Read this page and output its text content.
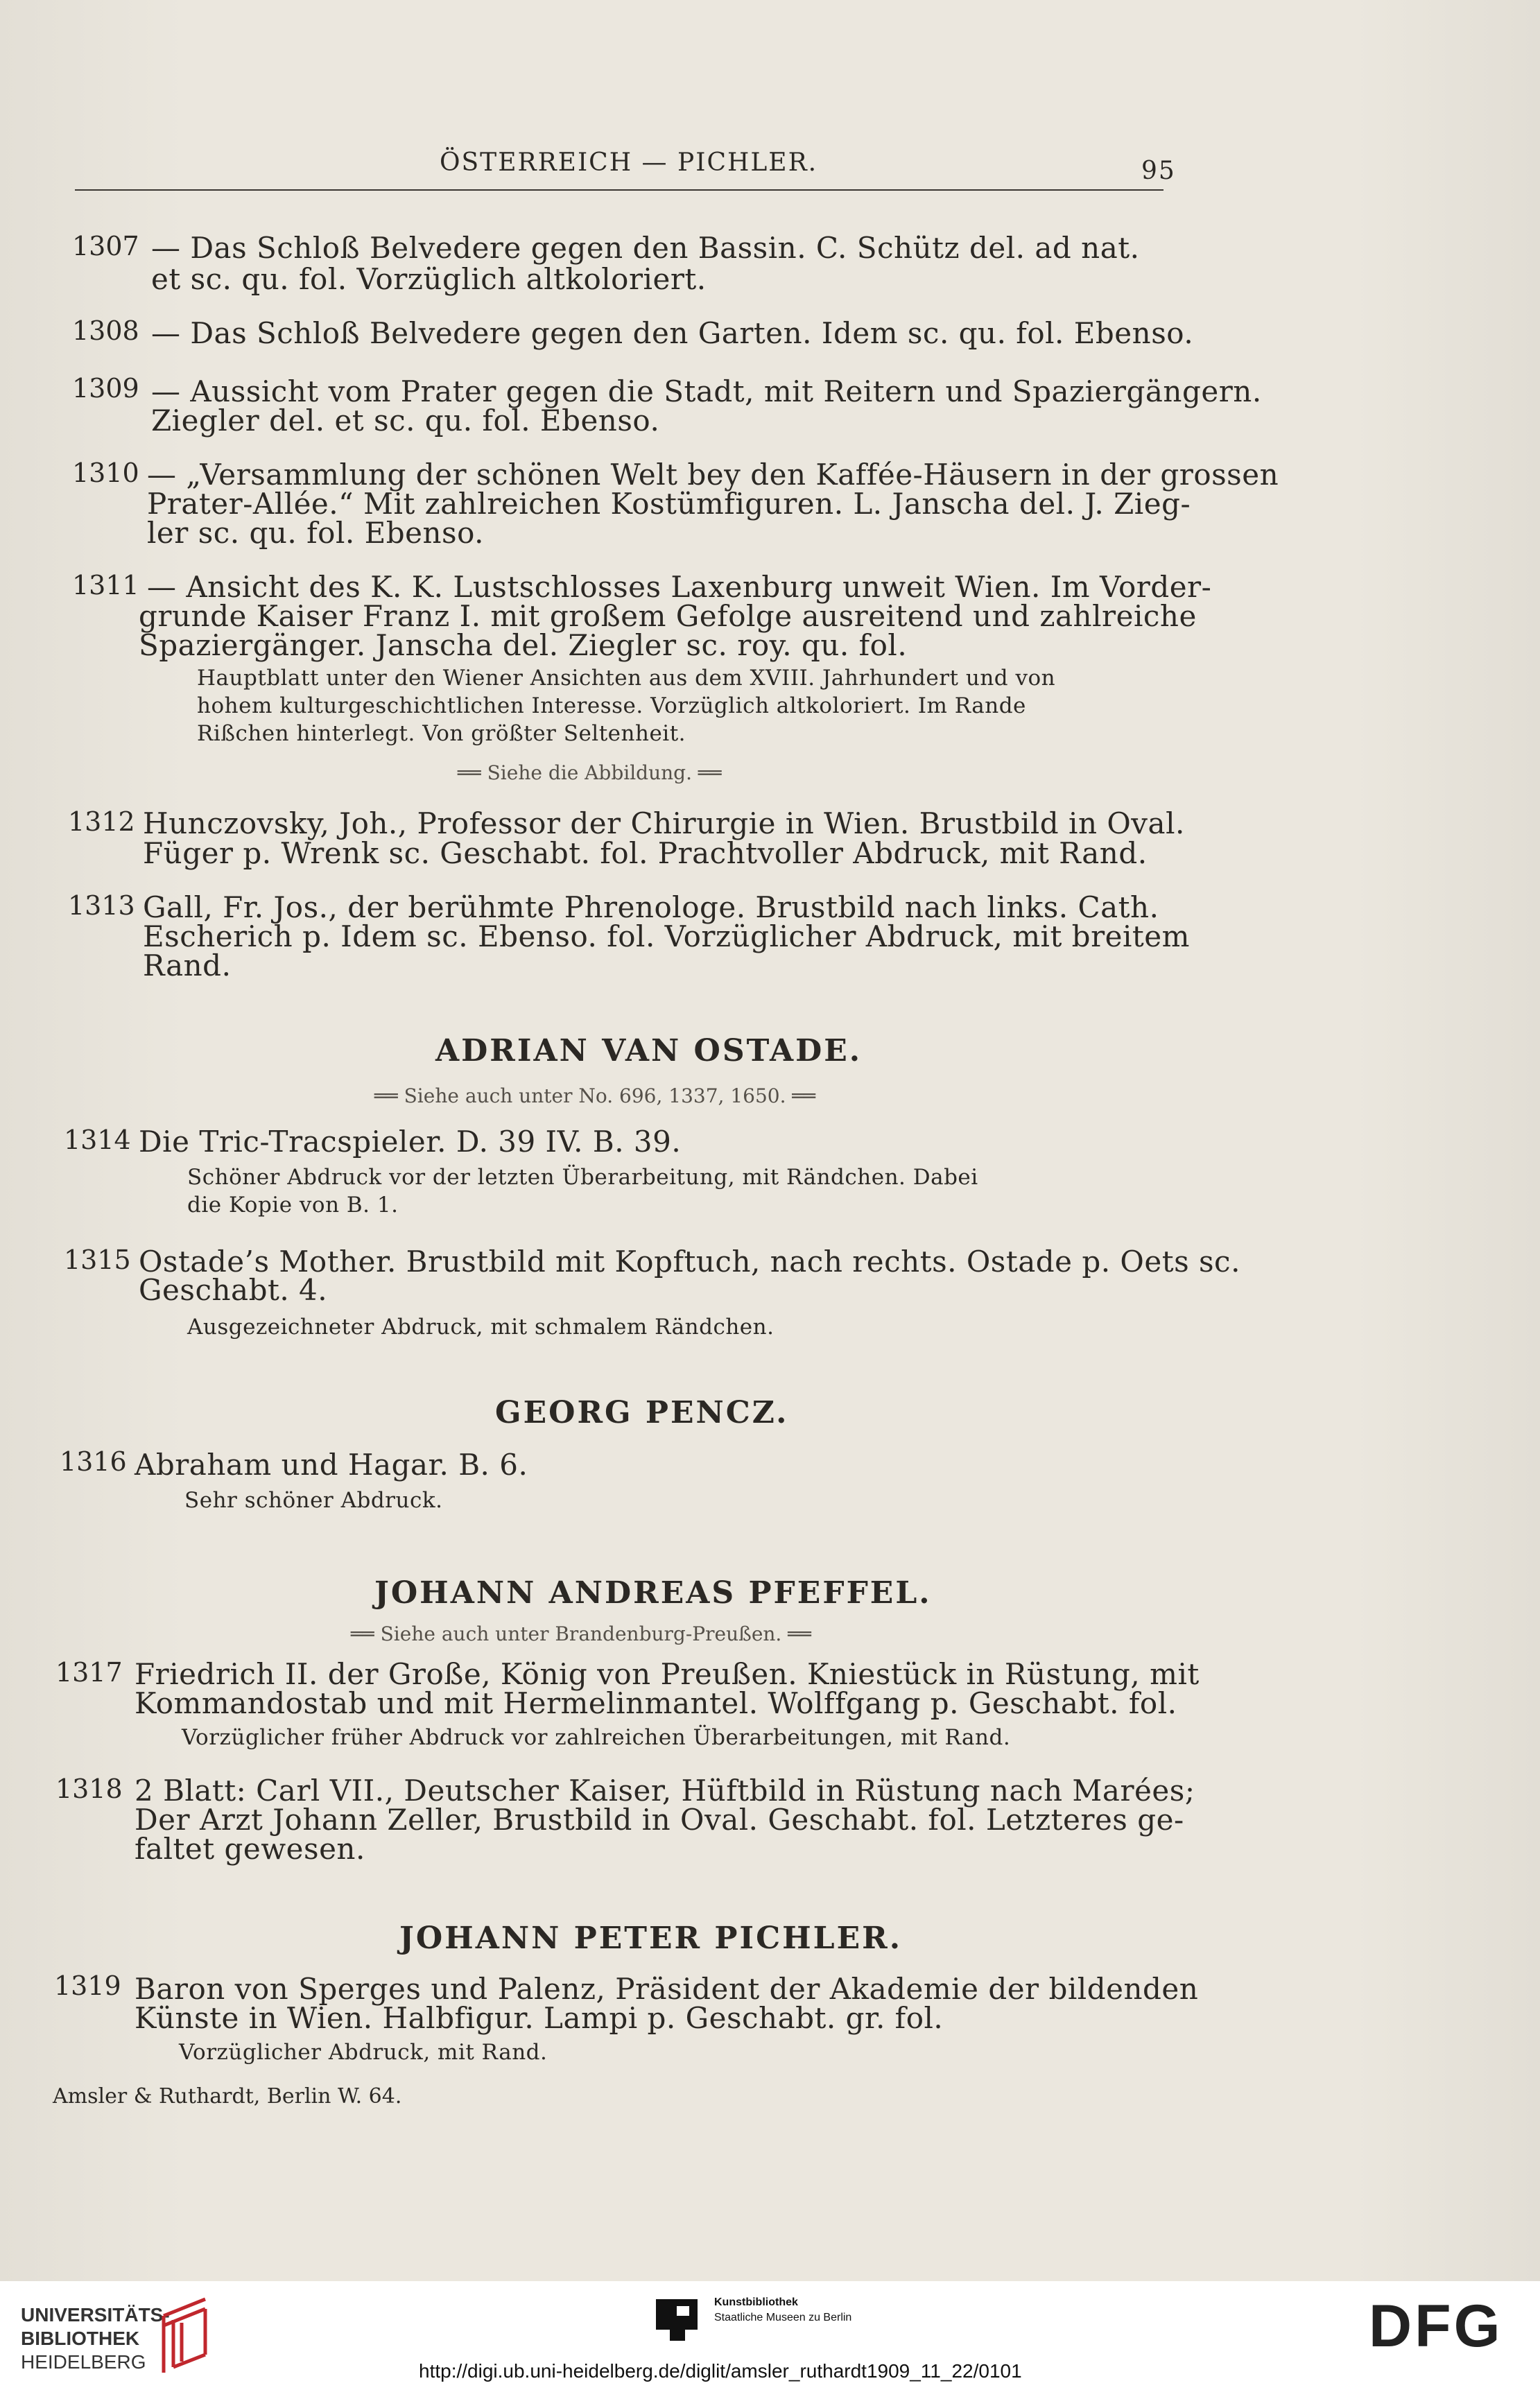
ÖSTERREICH — PICHLER.	95
1307 — Das Schloß Belvedere gegen den Bassin. C. Schütz del. ad nat.
et sc. qu. fol. Vorzüglich altkoloriert.
1308 — Das Schloß Belvedere gegen den Garten. Idem sc. qu. fol. Ebenso.
1309 — Aussicht vom Prater gegen die Stadt, mit Reitern und Spaziergängern.
Ziegler del. et sc. qu. fol. Ebenso.
1310 — „Versammlung der schönen Welt bey den Kaffée-Häusern in der grossen
Prater-Allée.“ Mit zahlreichen Kostümfiguren. L. Janscha del. J. Zieg-
ler sc. qu. fol. Ebenso.
1311 — Ansicht des K. K. Lustschlosses Laxenburg unweit Wien. Im Vorder-
grunde Kaiser Franz I. mit großem Gefolge ausreitend und zahlreiche
Spaziergänger. Janscha del. Ziegler sc. roy. qu. fol.
Hauptblatt unter den Wiener Ansichten aus dem XVIII. Jahrhundert und von
hohem kulturgeschichtlichen Interesse. Vorzüglich altkoloriert. Im Rande
Rißchen hinterlegt. Von größter Seltenheit.
══ Siehe die Abbildung. ══
1312 Hunczovsky, Joh., Professor der Chirurgie in Wien. Brustbild in Oval.
Füger p. Wrenk sc. Geschabt. fol. Prachtvoller Abdruck, mit Rand.
1313 Gall, Fr. Jos., der berühmte Phrenologe. Brustbild nach links. Cath.
Escherich p. Idem sc. Ebenso. fol. Vorzüglicher Abdruck, mit breitem
Rand.
ADRIAN VAN OSTADE.
══ Siehe auch unter No. 696, 1337, 1650. ══
1314 Die Tric-Tracspieler. D. 39 IV. B. 39.
Schöner Abdruck vor der letzten Überarbeitung, mit Rändchen. Dabei
die Kopie von B. 1.
1315 Ostade’s Mother. Brustbild mit Kopftuch, nach rechts. Ostade p. Oets sc.
Geschabt. 4.
Ausgezeichneter Abdruck, mit schmalem Rändchen.
GEORG PENCZ.
1316 Abraham und Hagar. B. 6.
Sehr schöner Abdruck.
JOHANN ANDREAS PFEFFEL.
══ Siehe auch unter Brandenburg-Preußen. ══
1317 Friedrich II. der Große, König von Preußen. Kniestück in Rüstung, mit
Kommandostab und mit Hermelinmantel. Wolffgang p. Geschabt. fol.
Vorzüglicher früher Abdruck vor zahlreichen Überarbeitungen, mit Rand.
1318 2 Blatt: Carl VII., Deutscher Kaiser, Hüftbild in Rüstung nach Marées;
Der Arzt Johann Zeller, Brustbild in Oval. Geschabt. fol. Letzteres ge-
faltet gewesen.
JOHANN PETER PICHLER.
1319 Baron von Sperges und Palenz, Präsident der Akademie der bildenden
Künste in Wien. Halbfigur. Lampi p. Geschabt. gr. fol.
Vorzüglicher Abdruck, mit Rand.
Amsler & Ruthardt, Berlin W. 64.
UNIVERSITÄTS-
BIBLIOTHEK
HEIDELBERG
Kunstbibliothek
Staatliche Museen zu Berlin	DFG
http://digi.ub.uni-heidelberg.de/diglit/amsler_ruthardt1909_11_22/0101
